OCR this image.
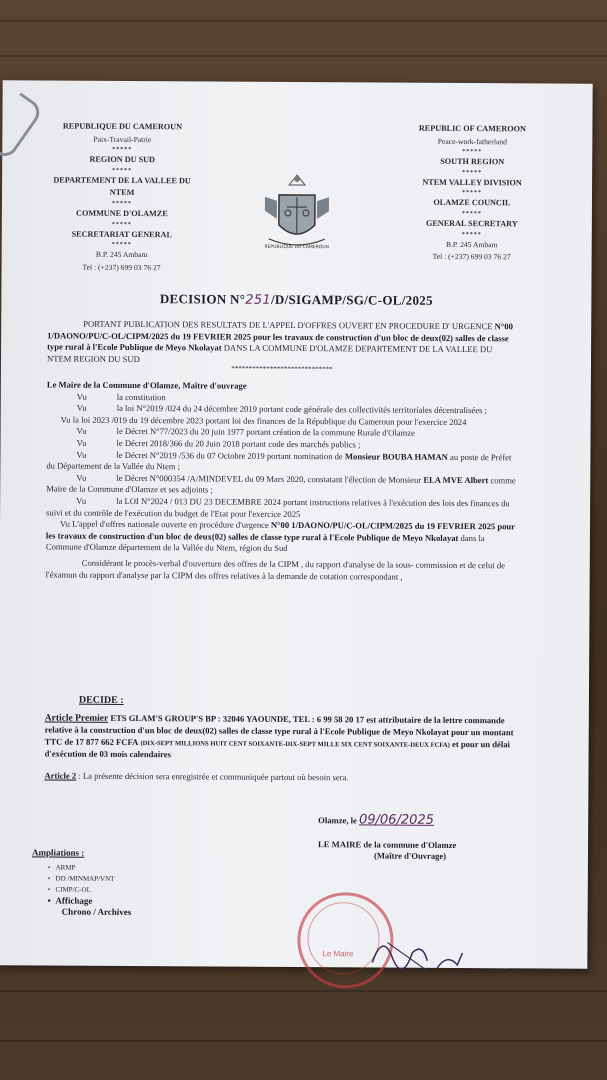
REPUBLIQUE DU CAMEROUN
Paix-Travail-Patrie
*****
REGION DU SUD
*****
DEPARTEMENT DE LA VALLEE DU NTEM
*****
COMMUNE D'OLAMZE
*****
SECRETARIAT GENERAL
*****
B.P. 245 Ambam
Tel : (+237) 699 03 76 27
REPUBLIQUE DU CAMEROUN
REPUBLIC OF CAMEROON
Peace-work-fatherland
*****
SOUTH REGION
*****
NTEM VALLEY DIVISION
*****
OLAMZE COUNCIL
*****
GENERAL SECRETARY
*****
B.P. 245 Ambam
Tel : (+237) 699 03 76 27
DECISION N°251/D/SIGAMP/SG/C-OL/2025

PORTANT PUBLICATION DES RESULTATS DE L'APPEL D'OFFRES OUVERT EN PROCEDURE D' URGENCE N°00 1/DAONO/PU/C-OL/CIPM/2025 du 19 FEVRIER 2025 pour les travaux de construction d'un bloc de deux(02) salles de classe type rural à l'Ecole Publique de Meyo Nkolayat DANS LA COMMUNE D'OLAMZE DEPARTEMENT DE LA VALLEE DU NTEM REGION DU SUD

*****************************

Le Maire de la Commune d'Olamze, Maître d'ouvrage

Vu	la constitution

Vu	la loi N°2019 /024 du 24 décembre 2019 portant code générale des collectivités territoriales décentralisées ;

Vu la loi 2023 /019 du 19 décembre 2023 portant loi des finances de la République du Cameroun pour l'exercice 2024

Vu	le Décret N°77/2023 du 20 juin 1977 portant création de la commune Rurale d'Olamze

Vu	le Décret 2018/366 du 20 Juin 2018 portant code des marchés publics ;

Vu	le Décret N°2019 /536 du 07 Octobre 2019 portant nomination de Monsieur BOUBA HAMAN au poste de Préfet du Département de la Vallée du Ntem ;

Vu	le Décret N°000354 /A/MINDEVEL du 09 Mars 2020, constatant l'élection de Monsieur ELA MVE Albert comme Maire de la Commune d'Olamze et ses adjoints ;

Vu	la LOI N°2024 / 013 DU 23 DECEMBRE 2024 portant instructions relatives à l'exécution des lois des finances du suivi et du contrôle de l'exécution du budget de l'Etat pour l'exercice 2025

Vu L'appel d'offres nationale ouverte en procédure d'urgence N°00 1/DAONO/PU/C-OL/CIPM/2025 du 19 FEVRIER 2025 pour les travaux de construction d'un bloc de deux(02) salles de classe type rural à l'Ecole Publique de Meyo Nkolayat dans la Commune d'Olamze département de la Vallée du Ntem, région du Sud

Considérant le procès-verbal d'ouverture des offres de la CIPM , du rapport d'analyse de la sous- commission et de celui de l'éxamun du rapport d'analyse par la CIPM des offres relatives à la demande de cotation correspondant ,

DECIDE :

Article Premier ETS GLAM'S GROUP'S BP : 32046 YAOUNDE, TEL : 6 99 58 20 17 est attributaire de la lettre commande relative à la construction d'un bloc de deux(02) salles de classe type rural à l'Ecole Publique de Meyo Nkolayat pour un montant TTC de 17 877 662 FCFA (DIX-SEPT MILLIONS HUIT CENT SOIXANTE-DIX-SEPT MILLE SIX CENT SOIXANTE-DEUX FCFA) et pour un délai d'exécution de 03 mois calendaires

Article 2 : La présente décision sera enregistrée et communiquée partout où besoin sera.

Le Maire
Olamze, le 09/06/2025

LE MAIRE de la commune d'Olamze

(Maître d'Ouvrage)

Ampliations :

•   ARMP
•   DD /MINMAP/VNT
•   CIMP/C-OL
•  Affichage
Chrono / Archives
